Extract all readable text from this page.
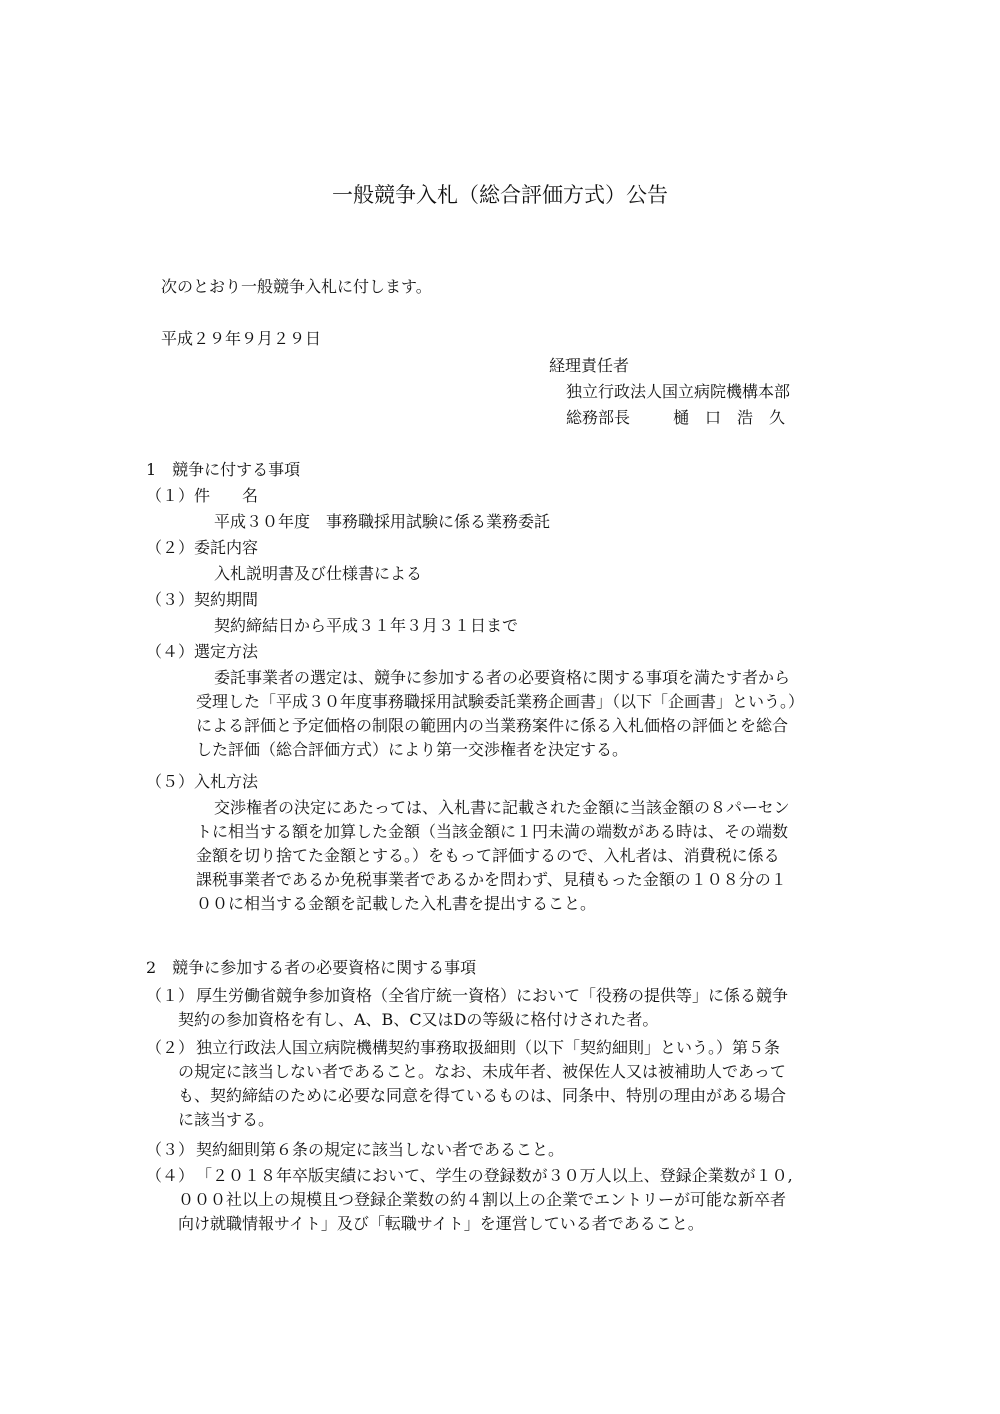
一般競争入札（総合評価方式）公告
次のとおり一般競争入札に付します。
平成２９年９月２９日
経理責任者
独立行政法人国立病院機構本部
総務部長	樋　口　浩　久
1　競争に付する事項
（１）件　　名
平成３０年度　事務職採用試験に係る業務委託
（２）委託内容
入札説明書及び仕様書による
（３）契約期間
契約締結日から平成３１年３月３１日まで
（４）選定方法
委託事業者の選定は、競争に参加する者の必要資格に関する事項を満たす者から
受理した「平成３０年度事務職採用試験委託業務企画書」（以下「企画書」という。）
による評価と予定価格の制限の範囲内の当業務案件に係る入札価格の評価とを総合
した評価（総合評価方式）により第一交渉権者を決定する。
（５）入札方法
交渉権者の決定にあたっては、入札書に記載された金額に当該金額の８パーセン
トに相当する額を加算した金額（当該金額に１円未満の端数がある時は、その端数
金額を切り捨てた金額とする。）をもって評価するので、入札者は、消費税に係る
課税事業者であるか免税事業者であるかを問わず、見積もった金額の１０８分の１
００に相当する金額を記載した入札書を提出すること。
2　競争に参加する者の必要資格に関する事項
（１） 厚生労働省競争参加資格（全省庁統一資格）において「役務の提供等」に係る競争
契約の参加資格を有し、A、B、C又はDの等級に格付けされた者。
（２） 独立行政法人国立病院機構契約事務取扱細則（以下「契約細則」という。）第５条
の規定に該当しない者であること。なお、未成年者、被保佐人又は被補助人であって
も、契約締結のために必要な同意を得ているものは、同条中、特別の理由がある場合
に該当する。
（３） 契約細則第６条の規定に該当しない者であること。
（４） 「２０１８年卒版実績において、学生の登録数が３０万人以上、登録企業数が１０,
０００社以上の規模且つ登録企業数の約４割以上の企業でエントリーが可能な新卒者
向け就職情報サイト」及び「転職サイト」を運営している者であること。
